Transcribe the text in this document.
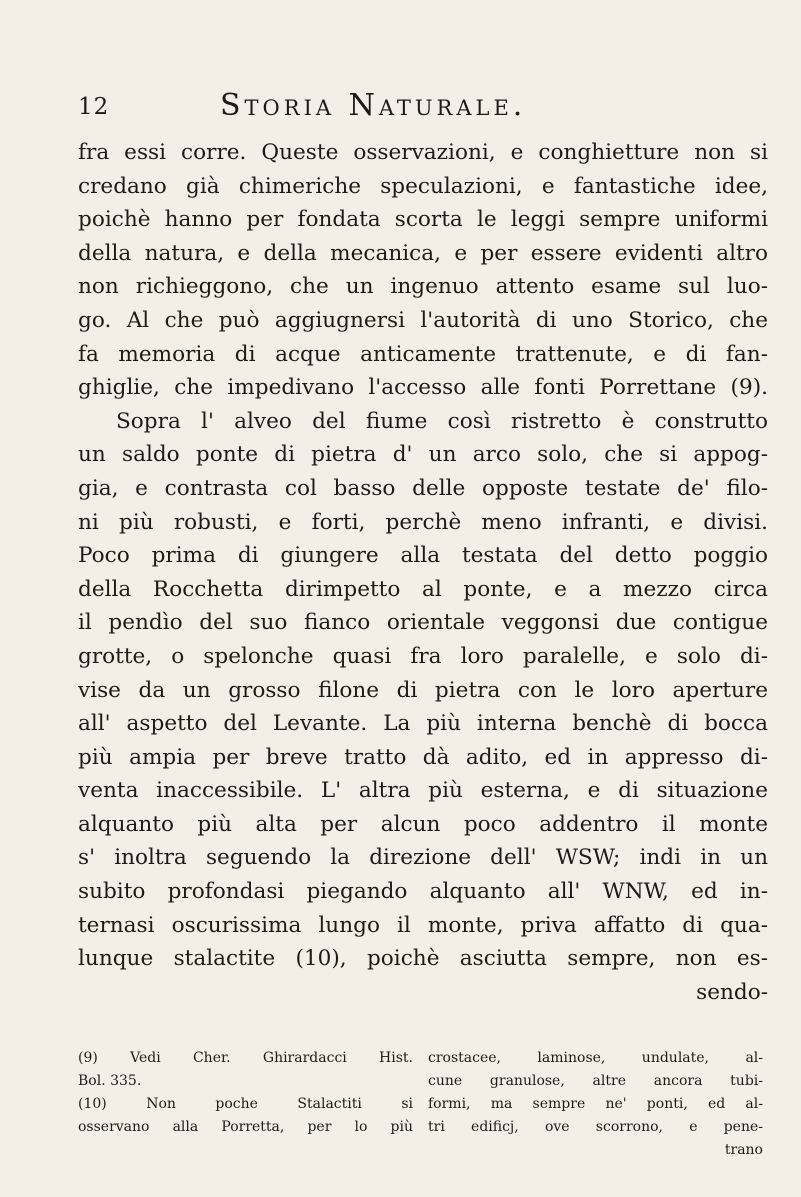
12	Storia Naturale.
fra essi corre. Queste osservazioni, e conghietture non si
credano già chimeriche speculazioni, e fantastiche idee,
poichè hanno per fondata scorta le leggi sempre uniformi
della natura, e della mecanica, e per essere evidenti altro
non richieggono, che un ingenuo attento esame sul luo-
go. Al che può aggiugnersi l'autorità di uno Storico, che
fa memoria di acque anticamente trattenute, e di fan-
ghiglie, che impedivano l'accesso alle fonti Porrettane (9).
Sopra l' alveo del fiume così ristretto è construtto
un saldo ponte di pietra d' un arco solo, che si appog-
gia, e contrasta col basso delle opposte testate de' filo-
ni più robusti, e forti, perchè meno infranti, e divisi.
Poco prima di giungere alla testata del detto poggio
della Rocchetta dirimpetto al ponte, e a mezzo circa
il pendìo del suo fianco orientale veggonsi due contigue
grotte, o spelonche quasi fra loro paralelle, e solo di-
vise da un grosso filone di pietra con le loro aperture
all' aspetto del Levante. La più interna benchè di bocca
più ampia per breve tratto dà adito, ed in appresso di-
venta inaccessibile. L' altra più esterna, e di situazione
alquanto più alta per alcun poco addentro il monte
s' inoltra seguendo la direzione dell' WSW; indi in un
subito profondasi piegando alquanto all' WNW, ed in-
ternasi oscurissima lungo il monte, priva affatto di qua-
lunque stalactite (10), poichè asciutta sempre, non es-
sendo-
(9) Vedi Cher. Ghirardacci Hist.
Bol. 335.
(10) Non poche Stalactiti si
osservano alla Porretta, per lo più
crostacee, laminose, undulate, al-
cune granulose, altre ancora tubi-
formi, ma sempre ne' ponti, ed al-
tri edificj, ove scorrono, e pene-
trano
